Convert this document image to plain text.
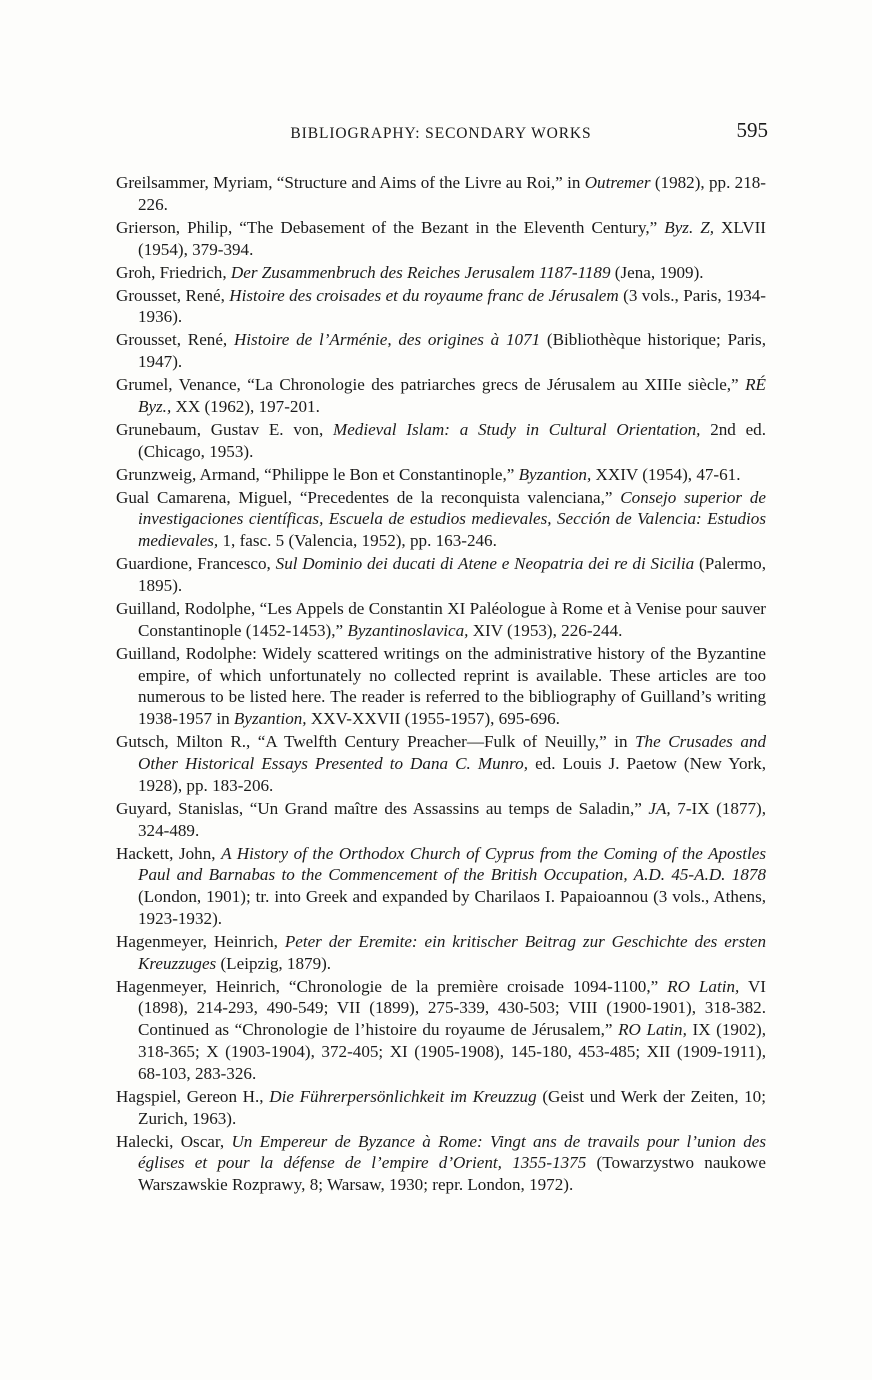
BIBLIOGRAPHY: SECONDARY WORKS	595

Greilsammer, Myriam, “Structure and Aims of the Livre au Roi,” in Outremer (1982), pp. 218-226.

Grierson, Philip, “The Debasement of the Bezant in the Eleventh Century,” Byz. Z, XLVII (1954), 379-394.

Groh, Friedrich, Der Zusammenbruch des Reiches Jerusalem 1187-1189 (Jena, 1909).

Grousset, René, Histoire des croisades et du royaume franc de Jérusalem (3 vols., Paris, 1934-1936).

Grousset, René, Histoire de l’Arménie, des origines à 1071 (Bibliothèque historique; Paris, 1947).

Grumel, Venance, “La Chronologie des patriarches grecs de Jérusalem au XIIIe siècle,” RÉ Byz., XX (1962), 197-201.

Grunebaum, Gustav E. von, Medieval Islam: a Study in Cultural Orientation, 2nd ed. (Chicago, 1953).

Grunzweig, Armand, “Philippe le Bon et Constantinople,” Byzantion, XXIV (1954), 47-61.

Gual Camarena, Miguel, “Precedentes de la reconquista valenciana,” Consejo superior de investigaciones científicas, Escuela de estudios medievales, Sección de Valencia: Estudios medievales, 1, fasc. 5 (Valencia, 1952), pp. 163-246.

Guardione, Francesco, Sul Dominio dei ducati di Atene e Neopatria dei re di Sicilia (Palermo, 1895).

Guilland, Rodolphe, “Les Appels de Constantin XI Paléologue à Rome et à Venise pour sauver Constantinople (1452-1453),” Byzantinoslavica, XIV (1953), 226-244.

Guilland, Rodolphe: Widely scattered writings on the administrative history of the Byzantine empire, of which unfortunately no collected reprint is available. These articles are too numerous to be listed here. The reader is referred to the bibliography of Guilland’s writing 1938-1957 in Byzantion, XXV-XXVII (1955-1957), 695-696.

Gutsch, Milton R., “A Twelfth Century Preacher—Fulk of Neuilly,” in The Crusades and Other Historical Essays Presented to Dana C. Munro, ed. Louis J. Paetow (New York, 1928), pp. 183-206.

Guyard, Stanislas, “Un Grand maître des Assassins au temps de Saladin,” JA, 7-IX (1877), 324-489.

Hackett, John, A History of the Orthodox Church of Cyprus from the Coming of the Apostles Paul and Barnabas to the Commencement of the British Occupation, A.D. 45-A.D. 1878 (London, 1901); tr. into Greek and expanded by Charilaos I. Papaioannou (3 vols., Athens, 1923-1932).

Hagenmeyer, Heinrich, Peter der Eremite: ein kritischer Beitrag zur Geschichte des ersten Kreuzzuges (Leipzig, 1879).

Hagenmeyer, Heinrich, “Chronologie de la première croisade 1094-1100,” RO Latin, VI (1898), 214-293, 490-549; VII (1899), 275-339, 430-503; VIII (1900-1901), 318-382. Continued as “Chronologie de l’histoire du royaume de Jérusalem,” RO Latin, IX (1902), 318-365; X (1903-1904), 372-405; XI (1905-1908), 145-180, 453-485; XII (1909-1911), 68-103, 283-326.

Hagspiel, Gereon H., Die Führerpersönlichkeit im Kreuzzug (Geist und Werk der Zeiten, 10; Zurich, 1963).

Halecki, Oscar, Un Empereur de Byzance à Rome: Vingt ans de travails pour l’union des églises et pour la défense de l’empire d’Orient, 1355-1375 (Towarzystwo naukowe Warszawskie Rozprawy, 8; Warsaw, 1930; repr. London, 1972).
